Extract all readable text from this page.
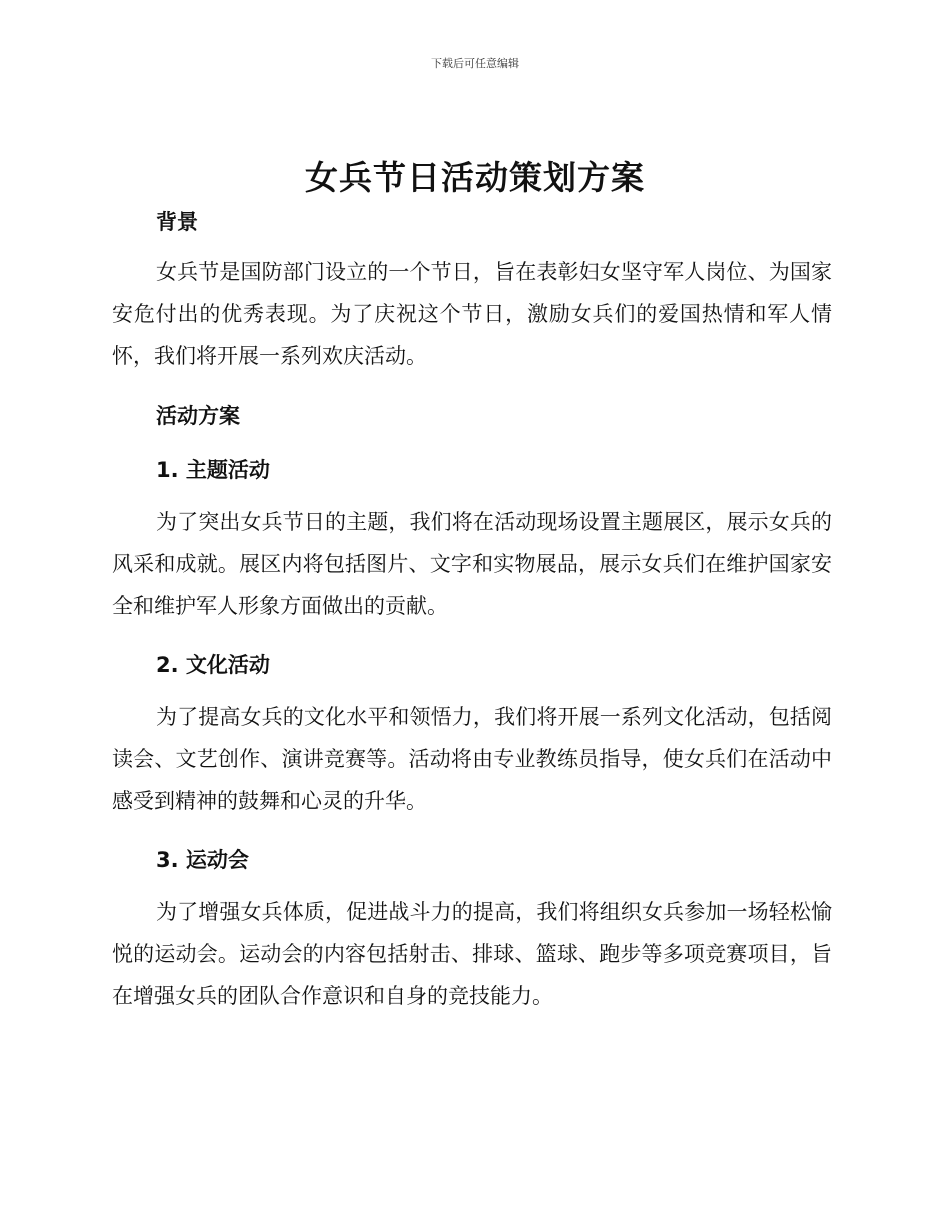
下载后可任意编辑
女兵节日活动策划方案
背景
女兵节是国防部门设立的一个节日，旨在表彰妇女坚守军人岗位、为国家安危付出的优秀表现。为了庆祝这个节日，激励女兵们的爱国热情和军人情怀，我们将开展一系列欢庆活动。
活动方案
1. 主题活动
为了突出女兵节日的主题，我们将在活动现场设置主题展区，展示女兵的风采和成就。展区内将包括图片、文字和实物展品，展示女兵们在维护国家安全和维护军人形象方面做出的贡献。
2. 文化活动
为了提高女兵的文化水平和领悟力，我们将开展一系列文化活动，包括阅读会、文艺创作、演讲竞赛等。活动将由专业教练员指导，使女兵们在活动中感受到精神的鼓舞和心灵的升华。
3. 运动会
为了增强女兵体质，促进战斗力的提高，我们将组织女兵参加一场轻松愉悦的运动会。运动会的内容包括射击、排球、篮球、跑步等多项竞赛项目，旨在增强女兵的团队合作意识和自身的竞技能力。
